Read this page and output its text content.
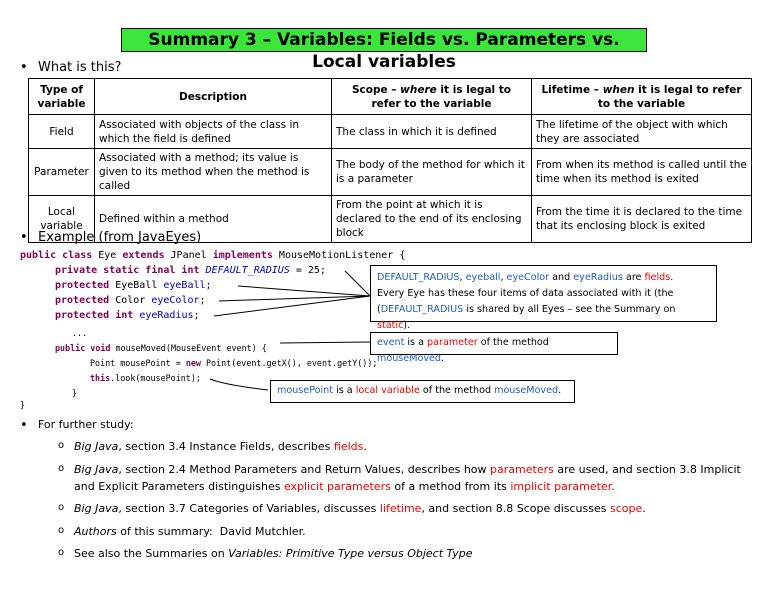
Summary 3 – Variables: Fields vs. Parameters vs. Local variables
• What is this?
Type of variable	Description	Scope – where it is legal to refer to the variable	Lifetime – when it is legal to refer to the variable
Field	Associated with objects of the class in which the field is defined	The class in which it is defined	The lifetime of the object with which they are associated
Parameter	Associated with a method; its value is given to its method when the method is called	The body of the method for which it is a parameter	From when its method is called until the time when its method is exited
Local variable	Defined within a method	From the point at which it is declared to the end of its enclosing block	From the time it is declared to the time that its enclosing block is exited
• Example (from JavaEyes)
public class Eye extends JPanel implements MouseMotionListener {
private static final int DEFAULT_RADIUS = 25;
protected EyeBall eyeBall;
protected Color eyeColor;
protected int eyeRadius;
...
public void mouseMoved(MouseEvent event) {
Point mousePoint = new Point(event.getX(), event.getY());
this.look(mousePoint);
}
}
DEFAULT_RADIUS, eyeball, eyeColor and eyeRadius are fields.
Every Eye has these four items of data associated with it (the
(DEFAULT_RADIUS is shared by all Eyes – see the Summary on static).
event is a parameter of the method mouseMoved.
mousePoint is a local variable of the method mouseMoved.
• For further study:
o Big Java, section 3.4 Instance Fields, describes fields.
o Big Java, section 2.4 Method Parameters and Return Values, describes how parameters are used, and section 3.8 Implicit
and Explicit Parameters distinguishes explicit parameters of a method from its implicit parameter.
o Big Java, section 3.7 Categories of Variables, discusses lifetime, and section 8.8 Scope discusses scope.
o Authors of this summary:  David Mutchler.
o See also the Summaries on Variables: Primitive Type versus Object Type
